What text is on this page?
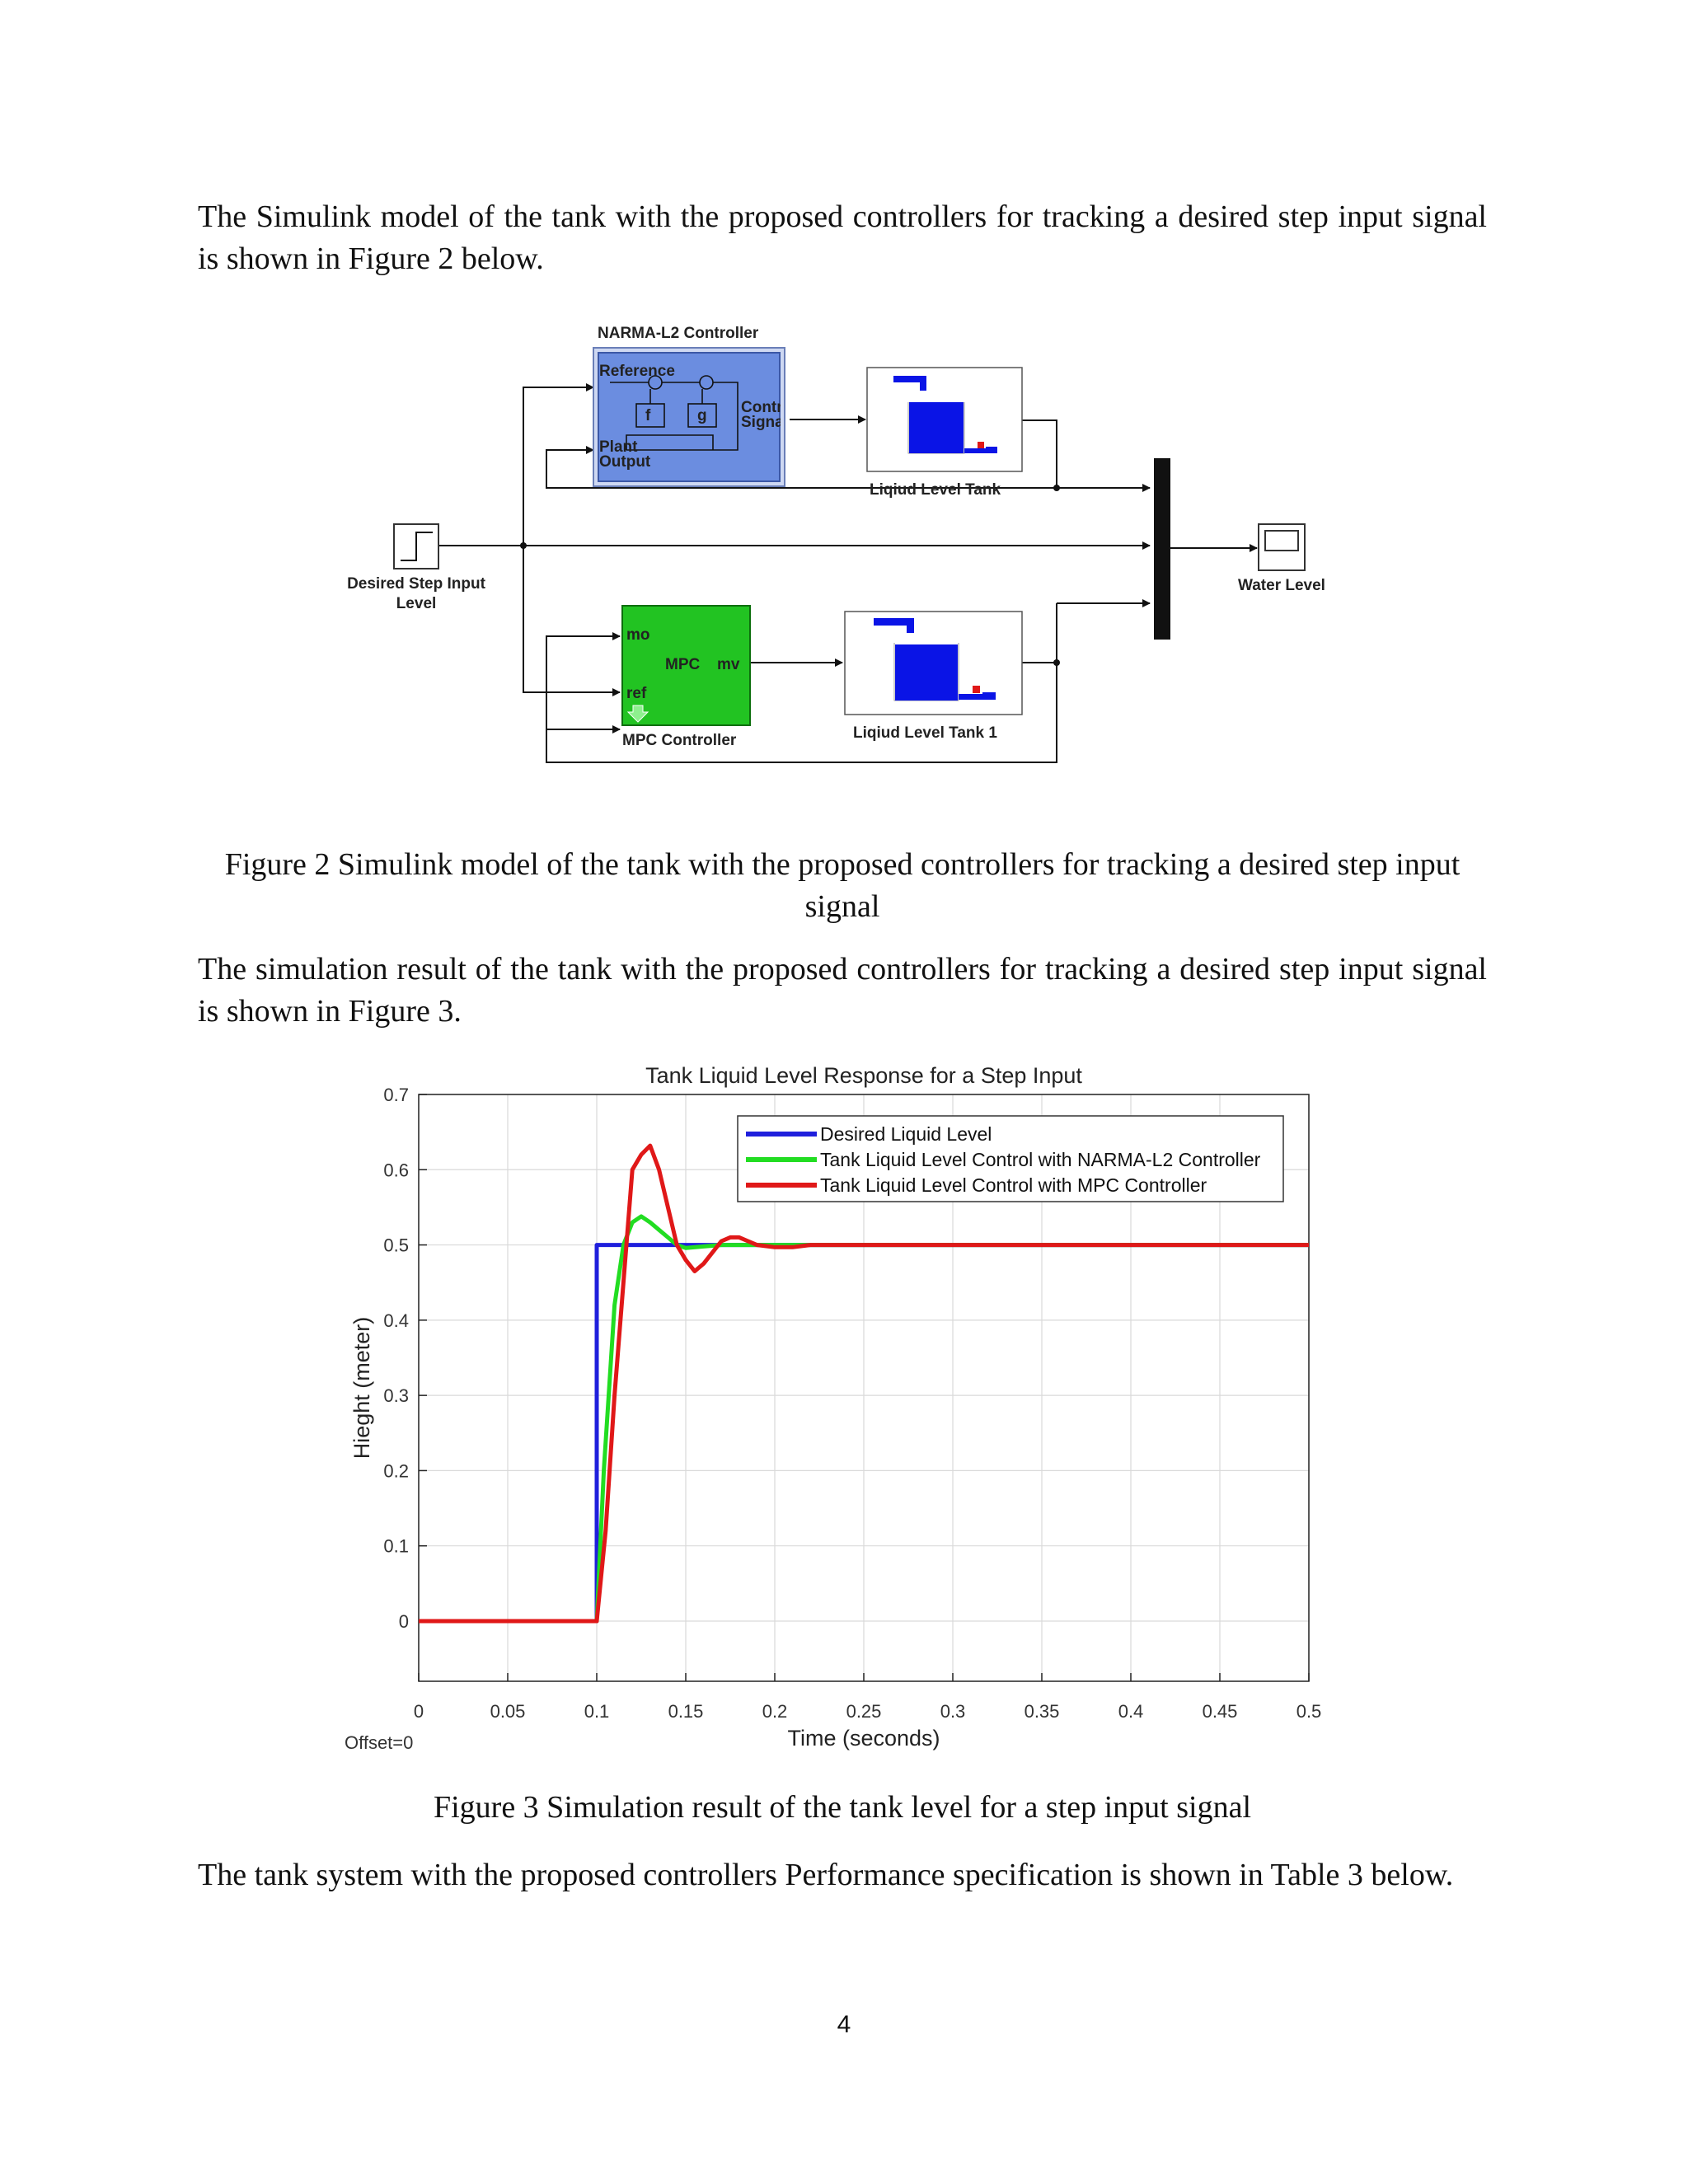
The Simulink model of the tank with the proposed controllers for tracking a desired step input signal is shown in Figure 2 below.

NARMA-L2 Controller
Reference
f	g
Plant
Output
Control
Signal
Liqiud Level Tank
Desired Step Input
Level
Water Level
mo
MPC mv
ref
MPC Controller	Liqiud Level Tank 1

Figure 2 Simulink model of the tank with the proposed controllers for tracking a desired step input signal

The simulation result of the tank with the proposed controllers for tracking a desired step input signal is shown in Figure 3.

Tank Liquid Level Response for a Step Input
0	0.05	0.1	0.15	0.2	0.25	0.3	0.35	0.4	0.45	0.5
0
0.1
0.2
0.3
0.4
0.5
0.6
0.7
Desired Liquid Level
Tank Liquid Level Control with NARMA-L2 Controller
Tank Liquid Level Control with MPC Controller
Time (seconds)
Hieght (meter)
Offset=0

Figure 3 Simulation result of the tank level for a step input signal

The tank system with the proposed controllers Performance specification is shown in Table 3 below.

4
